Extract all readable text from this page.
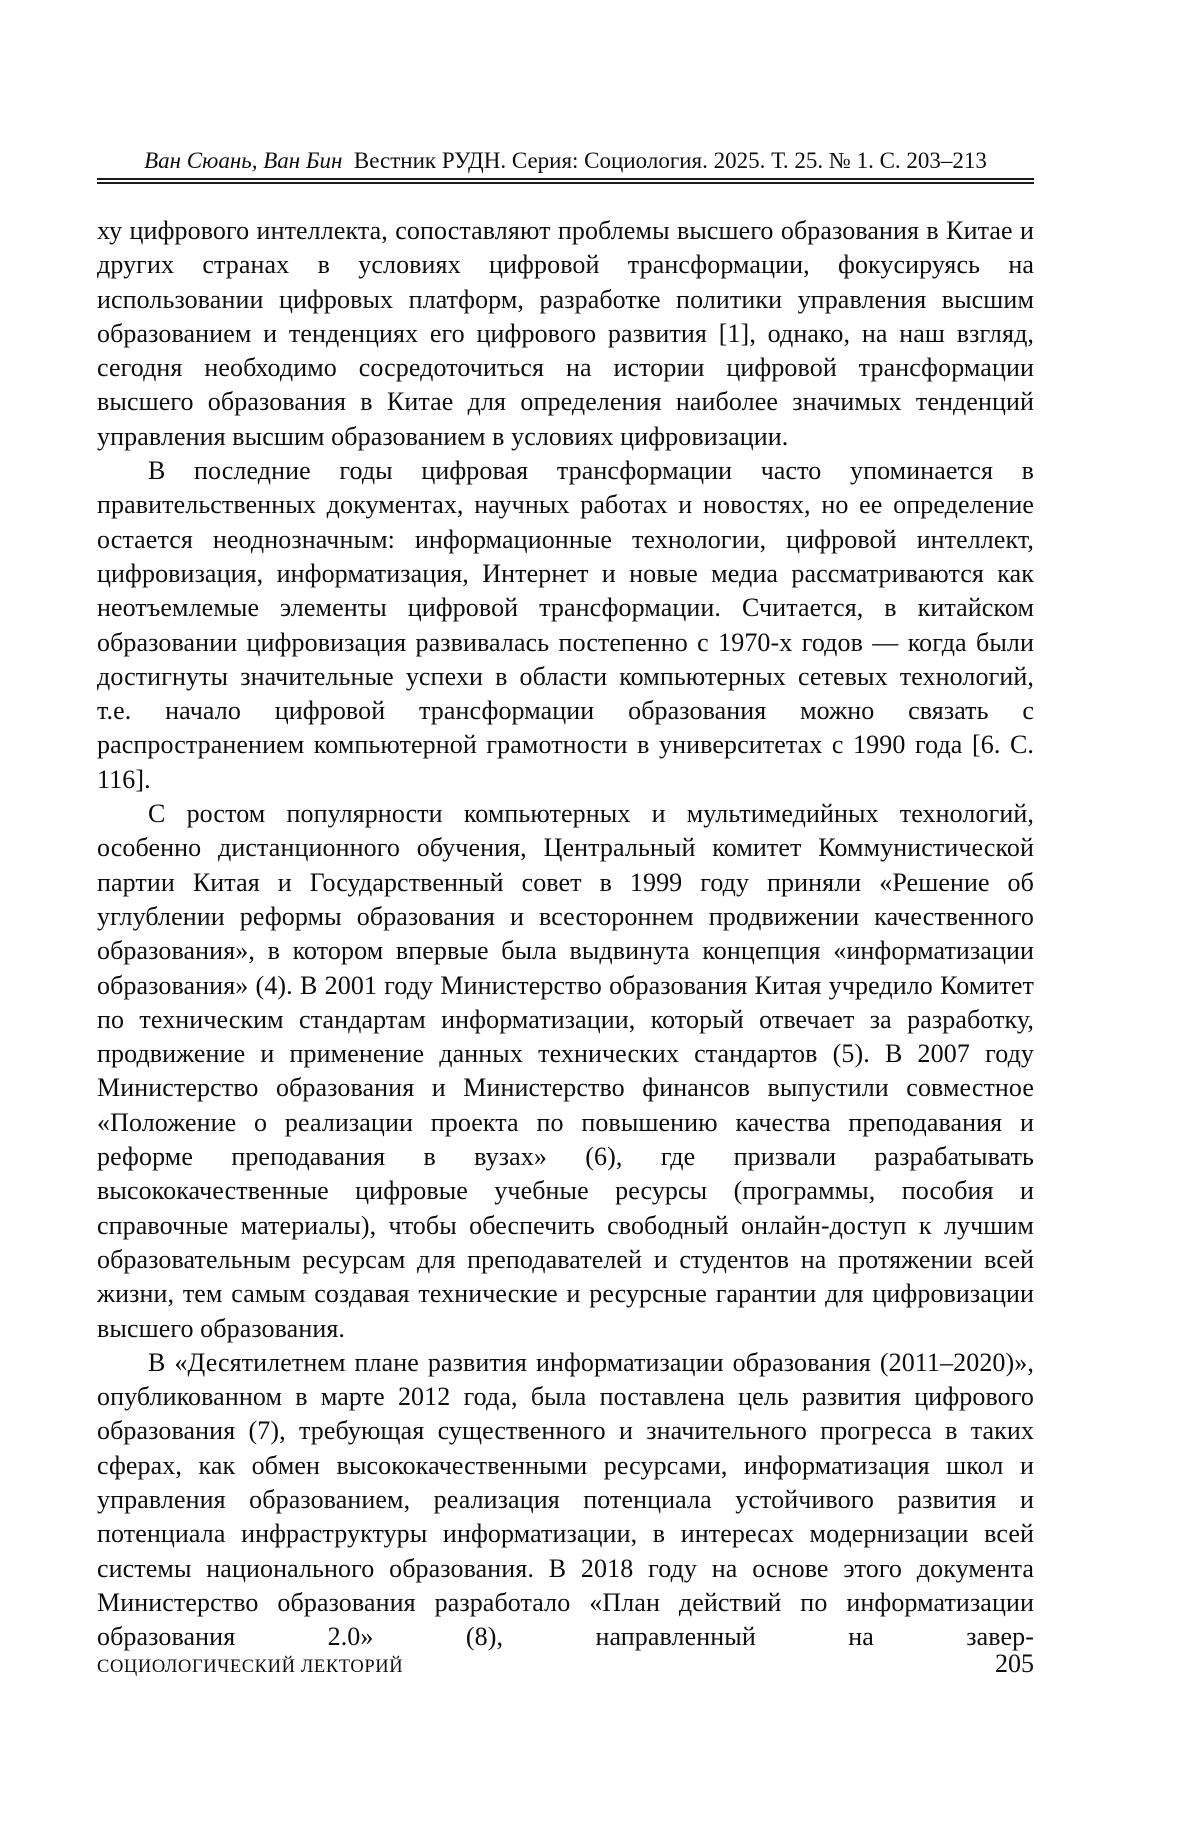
Ван Сюань, Ван Бин Вестник РУДН. Серия: Социология. 2025. Т. 25. № 1. С. 203–213

ху цифрового интеллекта, сопоставляют проблемы высшего образования в Китае и других странах в условиях цифровой трансформации, фокусируясь на использовании цифровых платформ, разработке политики управления высшим образованием и тенденциях его цифрового развития [1], однако, на наш взгляд, сегодня необходимо сосредоточиться на истории цифровой трансформации высшего образования в Китае для определения наиболее значимых тенденций управления высшим образованием в условиях цифровизации.

В последние годы цифровая трансформации часто упоминается в правительственных документах, научных работах и новостях, но ее определение остается неоднозначным: информационные технологии, цифровой интеллект, цифровизация, информатизация, Интернет и новые медиа рассматриваются как неотъемлемые элементы цифровой трансформации. Считается, в китайском образовании цифровизация развивалась постепенно с 1970-х годов — когда были достигнуты значительные успехи в области компьютерных сетевых технологий, т.е. начало цифровой трансформации образования можно связать с распространением компьютерной грамотности в университетах с 1990 года [6. С. 116].

С ростом популярности компьютерных и мультимедийных технологий, особенно дистанционного обучения, Центральный комитет Коммунистической партии Китая и Государственный совет в 1999 году приняли «Решение об углублении реформы образования и всестороннем продвижении качественного образования», в котором впервые была выдвинута концепция «информатизации образования» (4). В 2001 году Министерство образования Китая учредило Комитет по техническим стандартам информатизации, который отвечает за разработку, продвижение и применение данных технических стандартов (5). В 2007 году Министерство образования и Министерство финансов выпустили совместное «Положение о реализации проекта по повышению качества преподавания и реформе преподавания в вузах» (6), где призвали разрабатывать высококачественные цифровые учебные ресурсы (программы, пособия и справочные материалы), чтобы обеспечить свободный онлайн-доступ к лучшим образовательным ресурсам для преподавателей и студентов на протяжении всей жизни, тем самым создавая технические и ресурсные гарантии для цифровизации высшего образования.

В «Десятилетнем плане развития информатизации образования (2011–2020)», опубликованном в марте 2012 года, была поставлена цель развития цифрового образования (7), требующая существенного и значительного прогресса в таких сферах, как обмен высококачественными ресурсами, информатизация школ и управления образованием, реализация потенциала устойчивого развития и потенциала инфраструктуры информатизации, в интересах модернизации всей системы национального образования. В 2018 году на основе этого документа Министерство образования разработало «План действий по информатизации образования 2.0» (8), направленный на завер-

СОЦИОЛОГИЧЕСКИЙ ЛЕКТОРИЙ	205
